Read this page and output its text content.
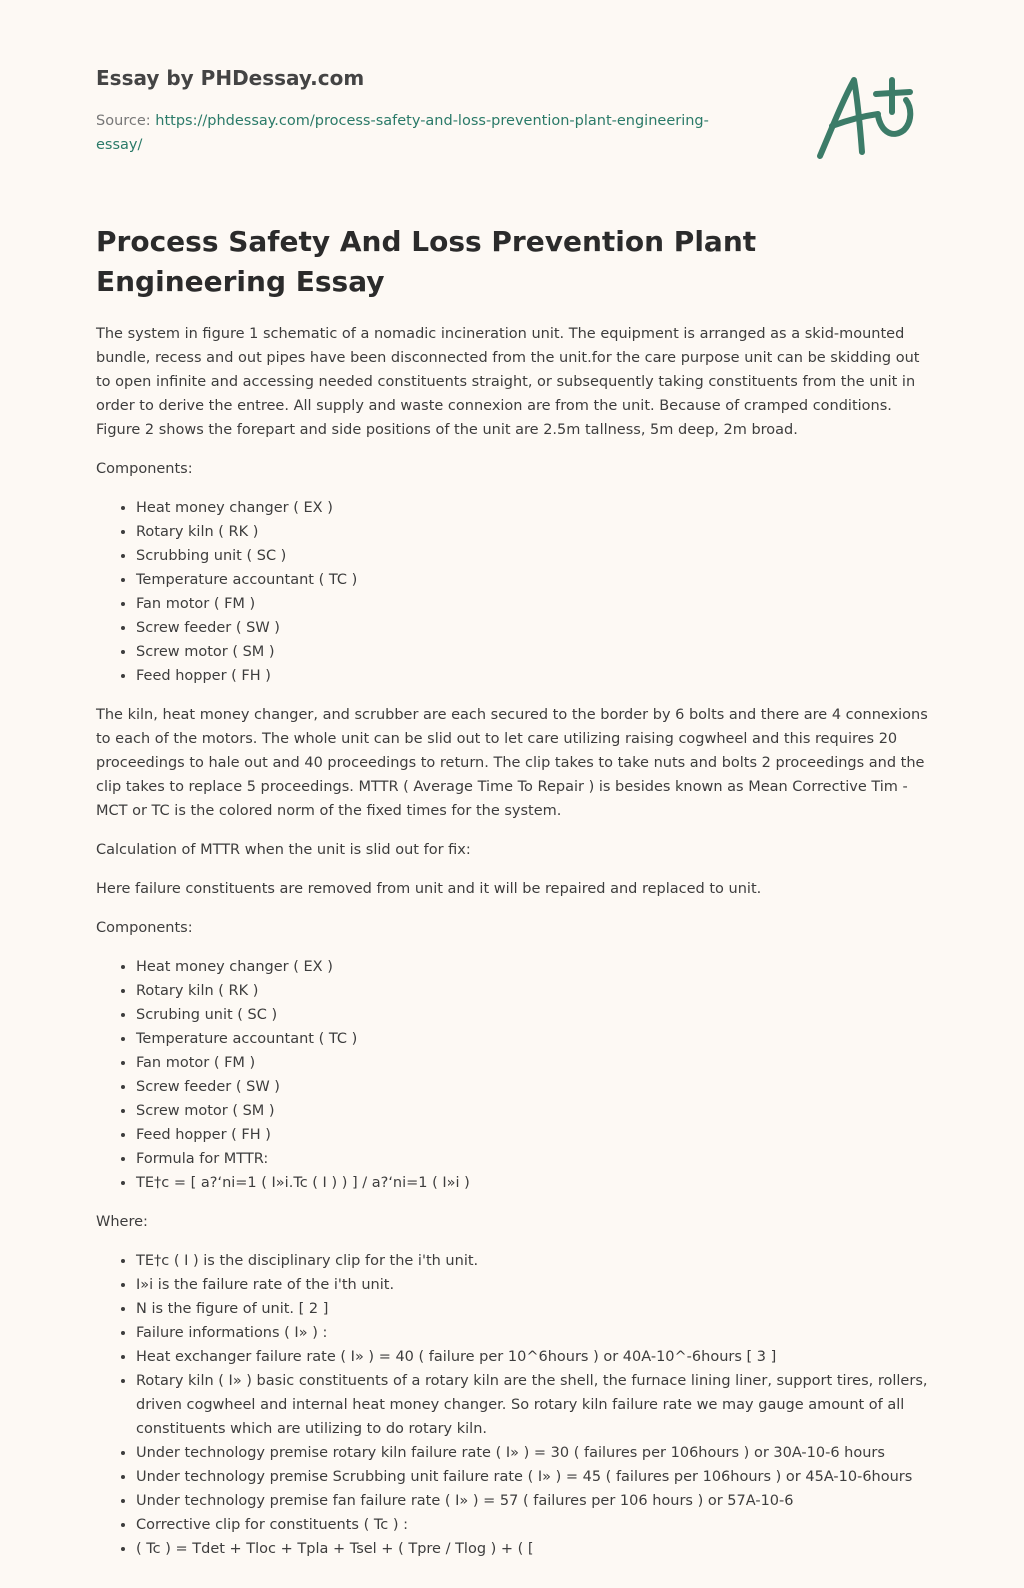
Essay by PHDessay.com
Source: https://phdessay.com/process-safety-and-loss-prevention-plant-engineering-essay/
Process Safety And Loss Prevention Plant Engineering Essay

The system in figure 1 schematic of a nomadic incineration unit. The equipment is arranged as a skid-mounted bundle, recess and out pipes have been disconnected from the unit.for the care purpose unit can be skidding out to open infinite and accessing needed constituents straight, or subsequently taking constituents from the unit in order to derive the entree. All supply and waste connexion are from the unit. Because of cramped conditions. Figure 2 shows the forepart and side positions of the unit are 2.5m tallness, 5m deep, 2m broad.

Components:

• Heat money changer ( EX )
• Rotary kiln ( RK )
• Scrubbing unit ( SC )
• Temperature accountant ( TC )
• Fan motor ( FM )
• Screw feeder ( SW )
• Screw motor ( SM )
• Feed hopper ( FH )

The kiln, heat money changer, and scrubber are each secured to the border by 6 bolts and there are 4 connexions to each of the motors. The whole unit can be slid out to let care utilizing raising cogwheel and this requires 20 proceedings to hale out and 40 proceedings to return. The clip takes to take nuts and bolts 2 proceedings and the clip takes to replace 5 proceedings. MTTR ( Average Time To Repair ) is besides known as Mean Corrective Tim - MCT or TC is the colored norm of the fixed times for the system.

Calculation of MTTR when the unit is slid out for fix:

Here failure constituents are removed from unit and it will be repaired and replaced to unit.

Components:

• Heat money changer ( EX )
• Rotary kiln ( RK )
• Scrubing unit ( SC )
• Temperature accountant ( TC )
• Fan motor ( FM )
• Screw feeder ( SW )
• Screw motor ( SM )
• Feed hopper ( FH )
• Formula for MTTR:
• TE†c = [ a?‘ni=1 ( I»i.Tc ( I ) ) ] / a?‘ni=1 ( I»i )

Where:

• TE†c ( I ) is the disciplinary clip for the i'th unit.
• I»i is the failure rate of the i'th unit.
• N is the figure of unit. [ 2 ]
• Failure informations ( I» ) :
• Heat exchanger failure rate ( I» ) = 40 ( failure per 10^6hours ) or 40A-10^-6hours [ 3 ]
• Rotary kiln ( I» ) basic constituents of a rotary kiln are the shell, the furnace lining liner, support tires, rollers, driven cogwheel and internal heat money changer. So rotary kiln failure rate we may gauge amount of all constituents which are utilizing to do rotary kiln.
• Under technology premise rotary kiln failure rate ( I» ) = 30 ( failures per 106hours ) or 30A-10-6 hours
• Under technology premise Scrubbing unit failure rate ( I» ) = 45 ( failures per 106hours ) or 45A-10-6hours
• Under technology premise fan failure rate ( I» ) = 57 ( failures per 106 hours ) or 57A-10-6
• Corrective clip for constituents ( Tc ) :
• ( Tc ) = Tdet + Tloc + Tpla + Tsel + ( Tpre / Tlog ) + ( [
